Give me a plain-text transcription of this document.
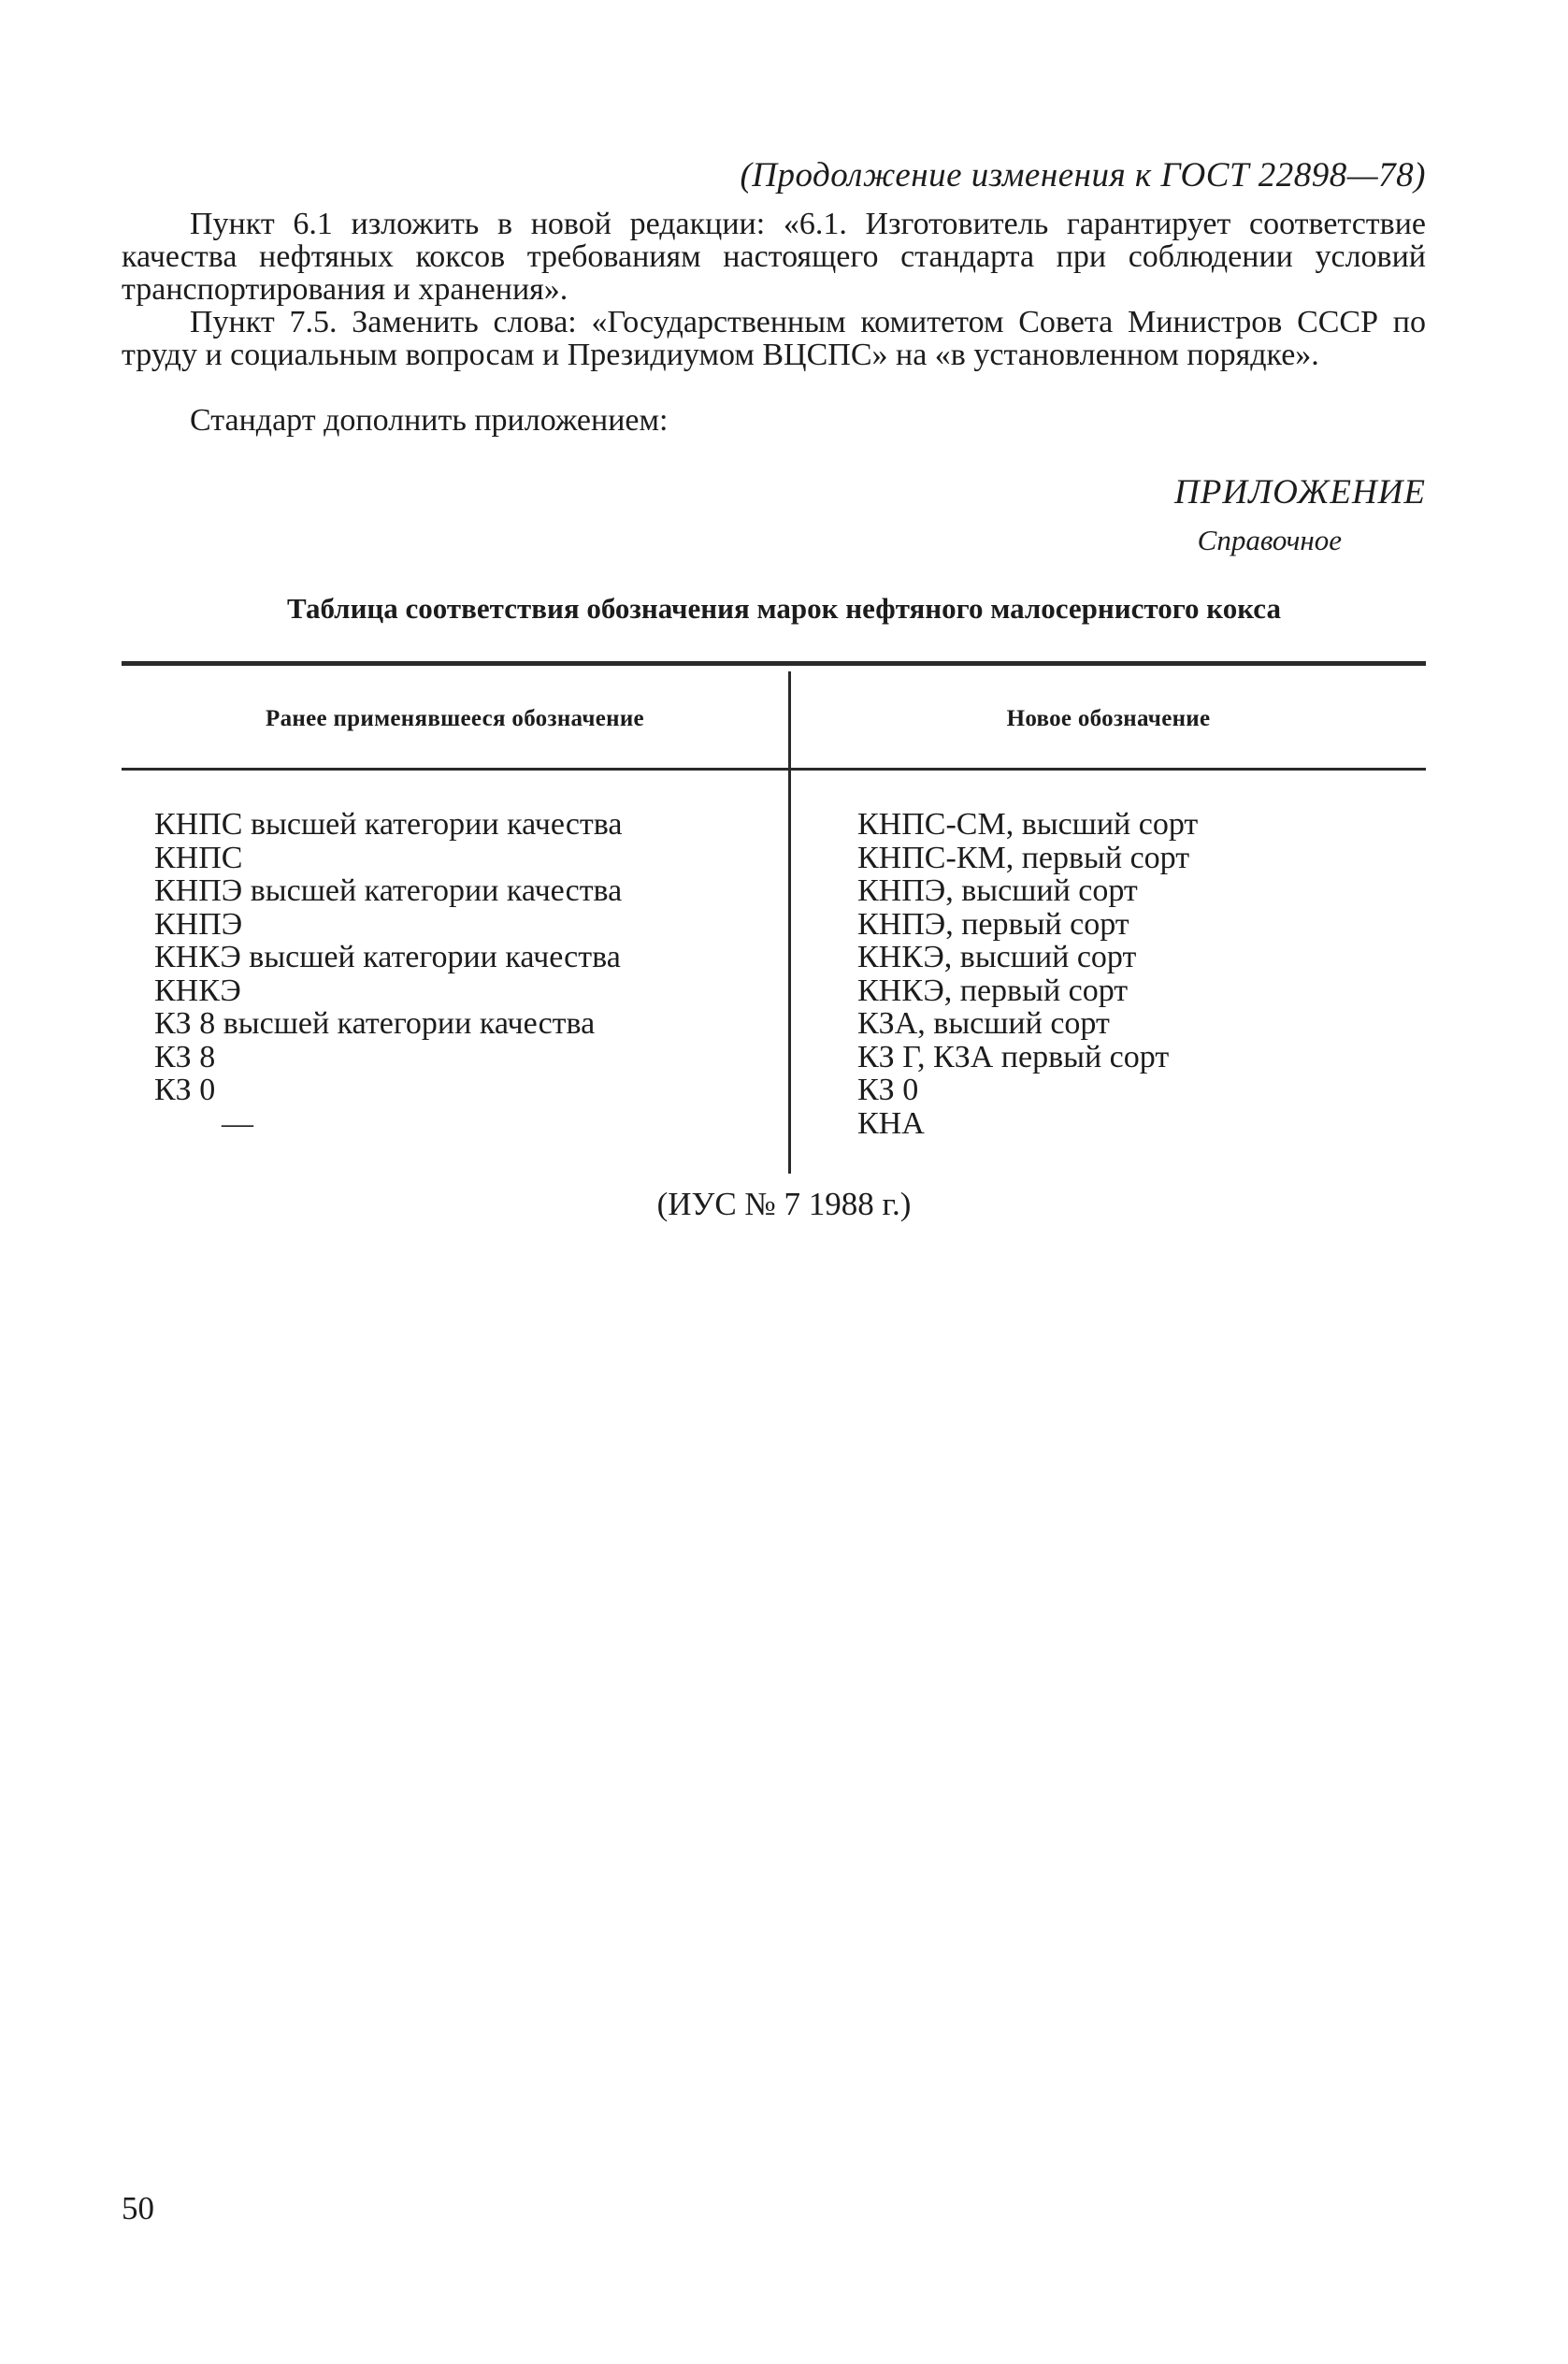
(Продолжение изменения к ГОСТ 22898—78)

Пункт 6.1 изложить в новой редакции: «6.1. Изготовитель гарантирует соответствие качества нефтяных коксов требованиям настоящего стандарта при соблюдении условий транспортирования и хранения».

Пункт 7.5. Заменить слова: «Государственным комитетом Совета Министров СССР по труду и социальным вопросам и Президиумом ВЦСПС» на «в установленном порядке».

Стандарт дополнить приложением:

ПРИЛОЖЕНИЕ
Справочное
Таблица соответствия обозначения марок нефтяного малосернистого кокса
Ранее применявшееся обозначение	Новое обозначение
КНПС высшей категории качества
КНПС
КНПЭ высшей категории качества
КНПЭ
КНКЭ высшей категории качества
КНКЭ
КЗ 8 высшей категории качества
КЗ 8
КЗ 0
—
КНПС-СМ, высший сорт
КНПС-КМ, первый сорт
КНПЭ, высший сорт
КНПЭ, первый сорт
КНКЭ, высший сорт
КНКЭ, первый сорт
КЗА, высший сорт
КЗ Г, КЗА первый сорт
КЗ 0
КНА
(ИУС № 7 1988 г.)
50
